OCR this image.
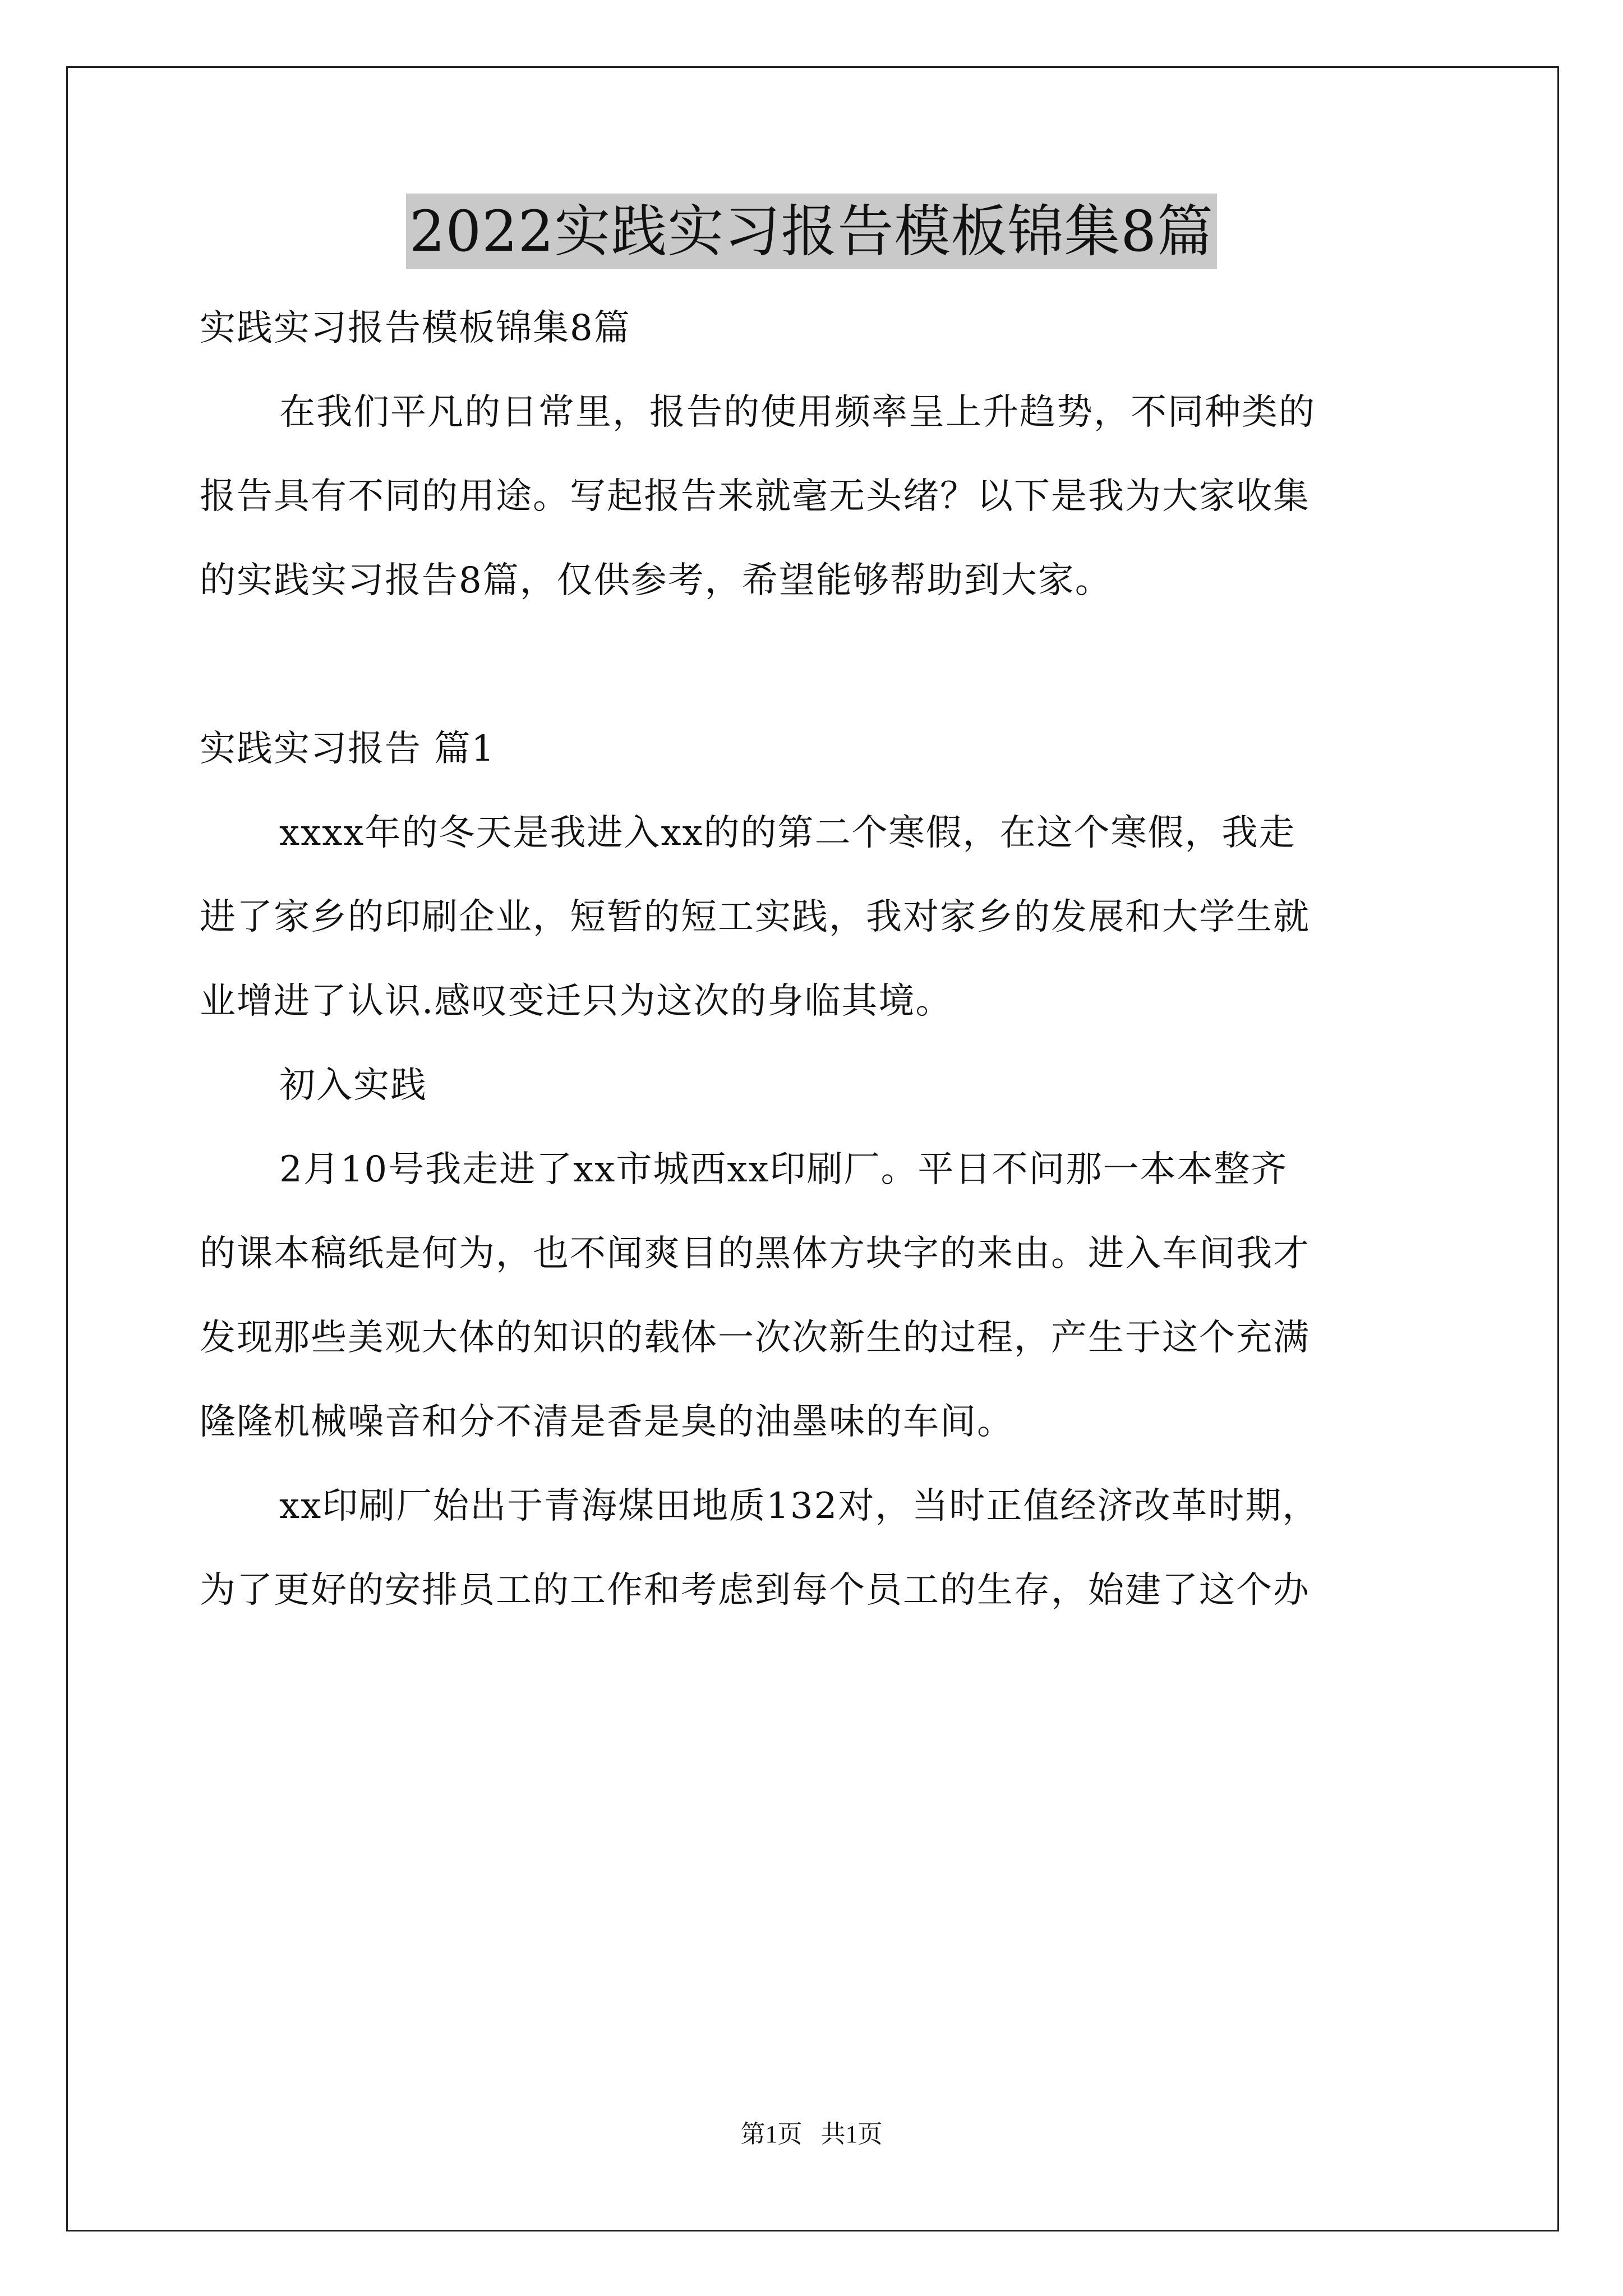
2022实践实习报告模板锦集8篇
实践实习报告模板锦集8篇
在我们平凡的日常里，报告的使用频率呈上升趋势，不同种类的
报告具有不同的用途。写起报告来就毫无头绪？以下是我为大家收集
的实践实习报告8篇，仅供参考，希望能够帮助到大家。
实践实习报告 篇1
xxxx年的冬天是我进入xx的的第二个寒假，在这个寒假，我走
进了家乡的印刷企业，短暂的短工实践，我对家乡的发展和大学生就
业增进了认识.感叹变迁只为这次的身临其境。
初入实践
2月10号我走进了xx市城西xx印刷厂。平日不问那一本本整齐
的课本稿纸是何为，也不闻爽目的黑体方块字的来由。进入车间我才
发现那些美观大体的知识的载体一次次新生的过程，产生于这个充满
隆隆机械噪音和分不清是香是臭的油墨味的车间。
xx印刷厂始出于青海煤田地质132对，当时正值经济改革时期，
为了更好的安排员工的工作和考虑到每个员工的生存，始建了这个办
第1页   共1页
